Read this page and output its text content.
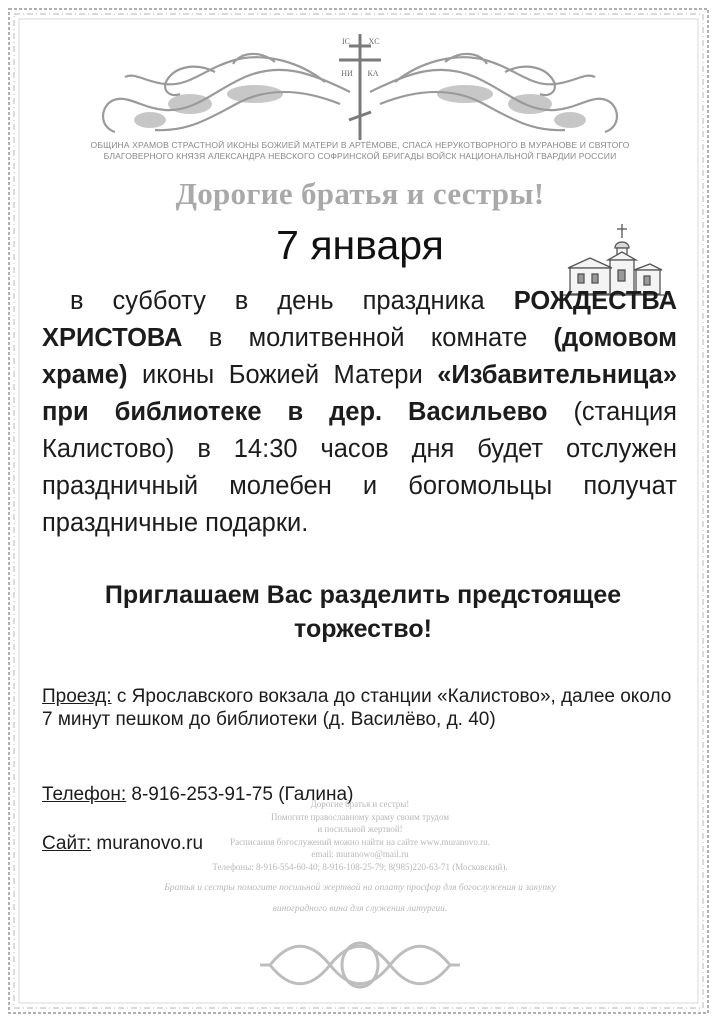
IC XC
НИ КА
ОБЩИНА ХРАМОВ СТРАСТНОЙ ИКОНЫ БОЖИЕЙ МАТЕРИ В АРТЁМОВЕ, СПАСА НЕРУКОТВОРНОГО В МУРАНОВЕ И СВЯТОГО
БЛАГОВЕРНОГО КНЯЗЯ АЛЕКСАНДРА НЕВСКОГО СОФРИНСКОЙ БРИГАДЫ ВОЙСК НАЦИОНАЛЬНОЙ ГВАРДИИ РОССИИ
Дорогие братья и сестры!
7 января
в субботу в день праздника РОЖДЕСТВА ХРИСТОВА в молитвенной комнате (домовом храме) иконы Божией Матери «Избавительница» при библиотеке в дер. Васильево (станция Калистово) в 14:30 часов дня будет отслужен праздничный молебен и богомольцы получат праздничные подарки.
Приглашаем Вас разделить предстоящее
торжество!
Проезд: с Ярославского вокзала до станции «Калистово», далее около 7 минут пешком до библиотеки (д. Василёво, д. 40)
Телефон: 8-916-253-91-75 (Галина)
Сайт: muranovo.ru
Дорогие братья и сестры!
Помогите православному храму своим трудом
и посильной жертвой!
Расписания богослужений можно найти на сайте www.muranovo.ru.
email: muranowo@mail.ru
Телефоны: 8-916-554-60-40; 8-916-108-25-79; 8(985)220-63-71 (Московский).
Братья и сестры помогите посильной жертвой на оплату просфор для богослужения и закупку
виноградного вина для служения литургии.
